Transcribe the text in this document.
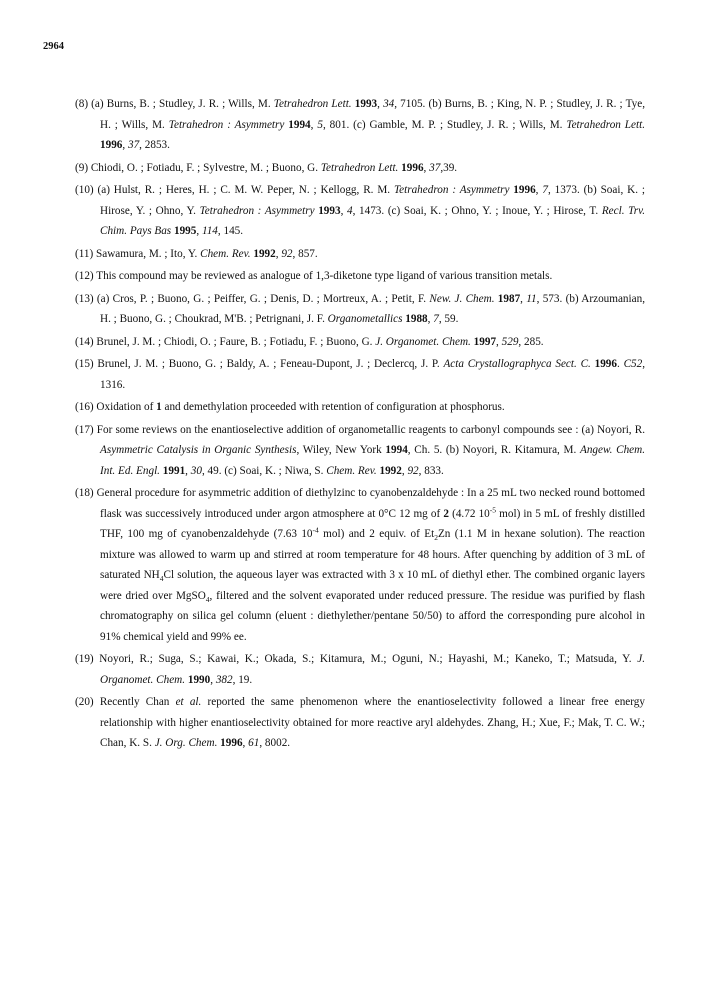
2964

(8) (a) Burns, B. ; Studley, J. R. ; Wills, M. Tetrahedron Lett. 1993, 34, 7105. (b) Burns, B. ; King, N. P. ; Studley, J. R. ; Tye, H. ; Wills, M. Tetrahedron : Asymmetry 1994, 5, 801. (c) Gamble, M. P. ; Studley, J. R. ; Wills, M. Tetrahedron Lett. 1996, 37, 2853.

(9) Chiodi, O. ; Fotiadu, F. ; Sylvestre, M. ; Buono, G. Tetrahedron Lett. 1996, 37,39.

(10) (a) Hulst, R. ; Heres, H. ; C. M. W. Peper, N. ; Kellogg, R. M. Tetrahedron : Asymmetry 1996, 7, 1373. (b) Soai, K. ; Hirose, Y. ; Ohno, Y. Tetrahedron : Asymmetry 1993, 4, 1473. (c) Soai, K. ; Ohno, Y. ; Inoue, Y. ; Hirose, T. Recl. Trv. Chim. Pays Bas 1995, 114, 145.

(11) Sawamura, M. ; Ito, Y. Chem. Rev. 1992, 92, 857.

(12) This compound may be reviewed as analogue of 1,3-diketone type ligand of various transition metals.

(13) (a) Cros, P. ; Buono, G. ; Peiffer, G. ; Denis, D. ; Mortreux, A. ; Petit, F. New. J. Chem. 1987, 11, 573. (b) Arzoumanian, H. ; Buono, G. ; Choukrad, M'B. ; Petrignani, J. F. Organometallics 1988, 7, 59.

(14) Brunel, J. M. ; Chiodi, O. ; Faure, B. ; Fotiadu, F. ; Buono, G. J. Organomet. Chem. 1997, 529, 285.

(15) Brunel, J. M. ; Buono, G. ; Baldy, A. ; Feneau-Dupont, J. ; Declercq, J. P. Acta Crystallographyca Sect. C. 1996. C52, 1316.

(16) Oxidation of 1 and demethylation proceeded with retention of configuration at phosphorus.

(17) For some reviews on the enantioselective addition of organometallic reagents to carbonyl compounds see : (a) Noyori, R. Asymmetric Catalysis in Organic Synthesis, Wiley, New York 1994, Ch. 5. (b) Noyori, R. Kitamura, M. Angew. Chem. Int. Ed. Engl. 1991, 30, 49. (c) Soai, K. ; Niwa, S. Chem. Rev. 1992, 92, 833.

(18) General procedure for asymmetric addition of diethylzinc to cyanobenzaldehyde : In a 25 mL two necked round bottomed flask was successively introduced under argon atmosphere at 0°C 12 mg of 2 (4.72 $10^{-5}$ mol) in 5 mL of freshly distilled THF, 100 mg of cyanobenzaldehyde (7.63 $10^{-4}$ mol) and 2 equiv. of $Et_2Zn$ (1.1 M in hexane solution). The reaction mixture was allowed to warm up and stirred at room temperature for 48 hours. After quenching by addition of 3 mL of saturated $NH_4Cl$ solution, the aqueous layer was extracted with 3 x 10 mL of diethyl ether. The combined organic layers were dried over MgSO$_4$, filtered and the solvent evaporated under reduced pressure. The residue was purified by flash chromatography on silica gel column (eluent : diethylether/pentane 50/50) to afford the corresponding pure alcohol in 91% chemical yield and 99% ee.

(19) Noyori, R.; Suga, S.; Kawai, K.; Okada, S.; Kitamura, M.; Oguni, N.; Hayashi, M.; Kaneko, T.; Matsuda, Y. J. Organomet. Chem. 1990, 382, 19.

(20) Recently Chan et al. reported the same phenomenon where the enantioselectivity followed a linear free energy relationship with higher enantioselectivity obtained for more reactive aryl aldehydes. Zhang, H.; Xue, F.; Mak, T. C. W.; Chan, K. S. J. Org. Chem. 1996, 61, 8002.
